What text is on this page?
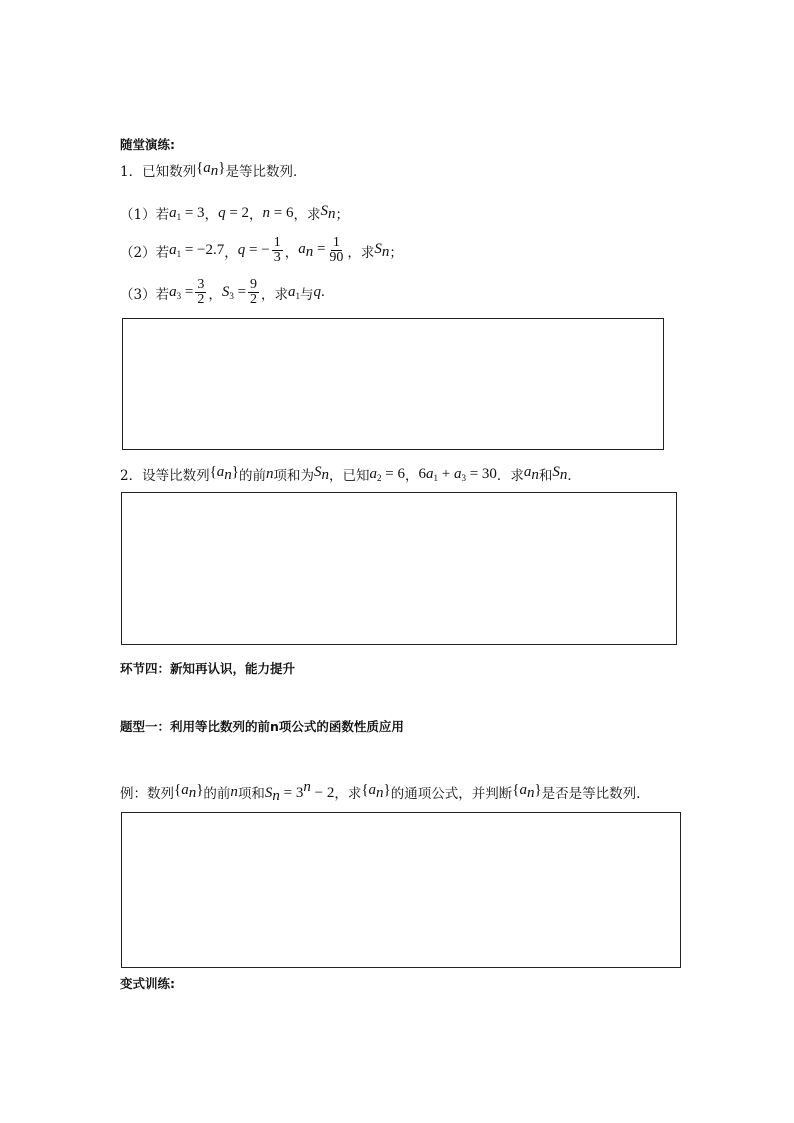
随堂演练:
1． 已知数列 $\{a_n\}$ 是等比数列．
（1）若 $a_1 = 3$ ， q = 2 ， n = 6 ，求 $S_n$ ；
（2）若 $a_1 = -2.7$ ， q = − $\frac{1}{3}$ ， $a_n = \frac{1}{90}$ ，求 $S_n$ ；
（3）若 $a_3 = \frac{3}{2}$ ， $S_3 = \frac{9}{2}$ ，求 $a_1$ 与 q.
2． 设等比数列 $\{a_n\}$ 的前 n 项和为 $S_n$ ，已知 $a_2 = 6$ ， $6a_1 + a_3 = 30$ ．求 $a_n$ 和 $S_n$ ．
环节四：新知再认识，能力提升
题型一：利用等比数列的前n项公式的函数性质应用
例：数列 $\{a_n\}$ 的前 n 项和 $S_n = 3^n - 2$ ，求 $\{a_n\}$ 的通项公式，并判断 $\{a_n\}$ 是否是等比数列.
变式训练:
